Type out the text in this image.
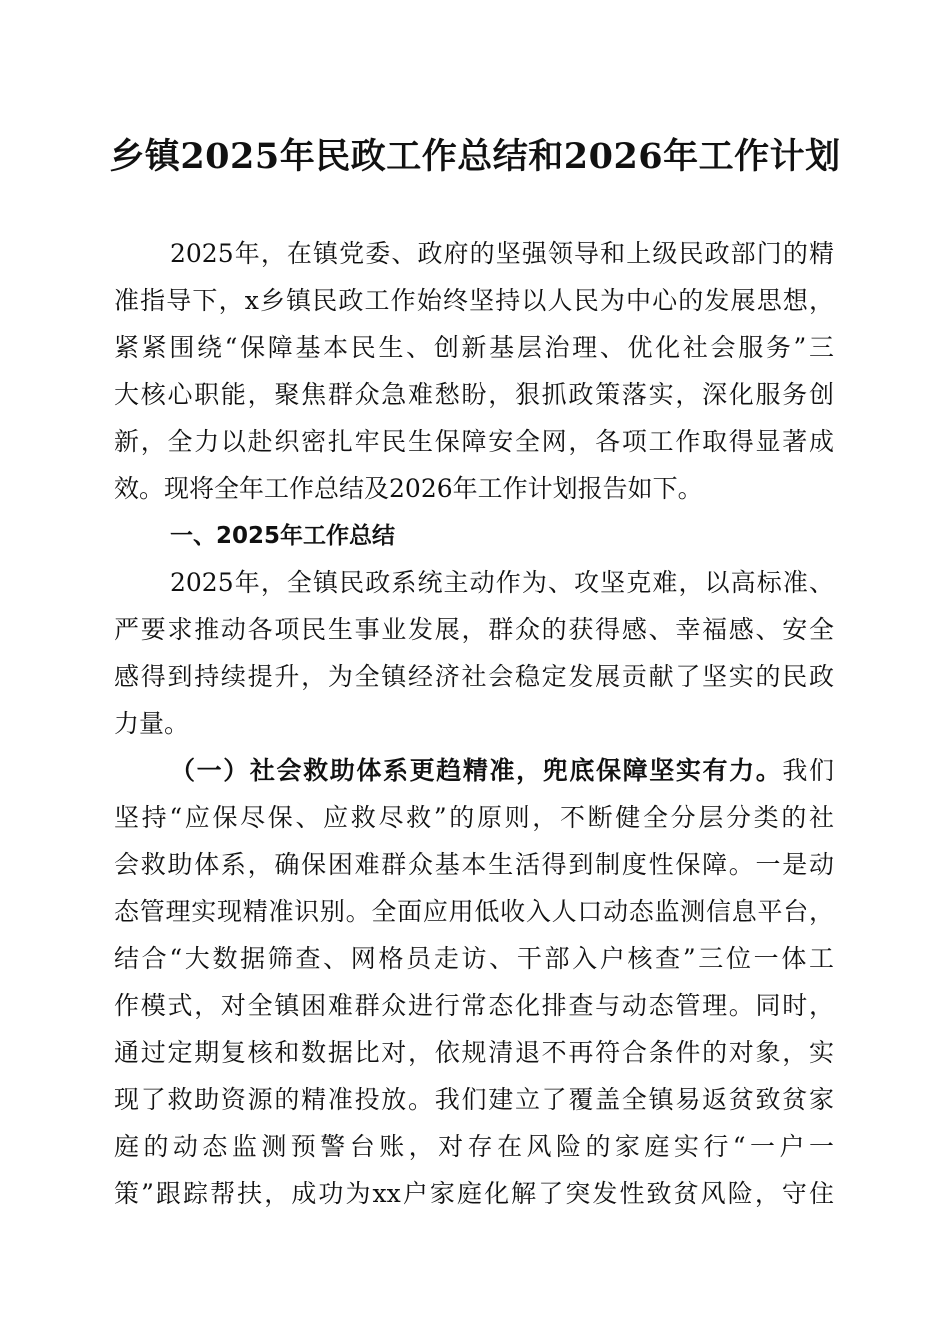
乡镇2025年民政工作总结和2026年工作计划

2025年，在镇党委、政府的坚强领导和上级民政部门的精

准指导下，x乡镇民政工作始终坚持以人民为中心的发展思想，

紧紧围绕“保障基本民生、创新基层治理、优化社会服务”三

大核心职能，聚焦群众急难愁盼，狠抓政策落实，深化服务创

新，全力以赴织密扎牢民生保障安全网，各项工作取得显著成

效。现将全年工作总结及2026年工作计划报告如下。

一、2025年工作总结

2025年，全镇民政系统主动作为、攻坚克难，以高标准、

严要求推动各项民生事业发展，群众的获得感、幸福感、安全

感得到持续提升，为全镇经济社会稳定发展贡献了坚实的民政

力量。

（一）社会救助体系更趋精准，兜底保障坚实有力。我们

坚持“应保尽保、应救尽救”的原则，不断健全分层分类的社

会救助体系，确保困难群众基本生活得到制度性保障。一是动

态管理实现精准识别。全面应用低收入人口动态监测信息平台，

结合“大数据筛查、网格员走访、干部入户核查”三位一体工

作模式，对全镇困难群众进行常态化排查与动态管理。同时，

通过定期复核和数据比对，依规清退不再符合条件的对象，实

现了救助资源的精准投放。我们建立了覆盖全镇易返贫致贫家

庭的动态监测预警台账，对存在风险的家庭实行“一户一

策”跟踪帮扶，成功为xx户家庭化解了突发性致贫风险，守住
